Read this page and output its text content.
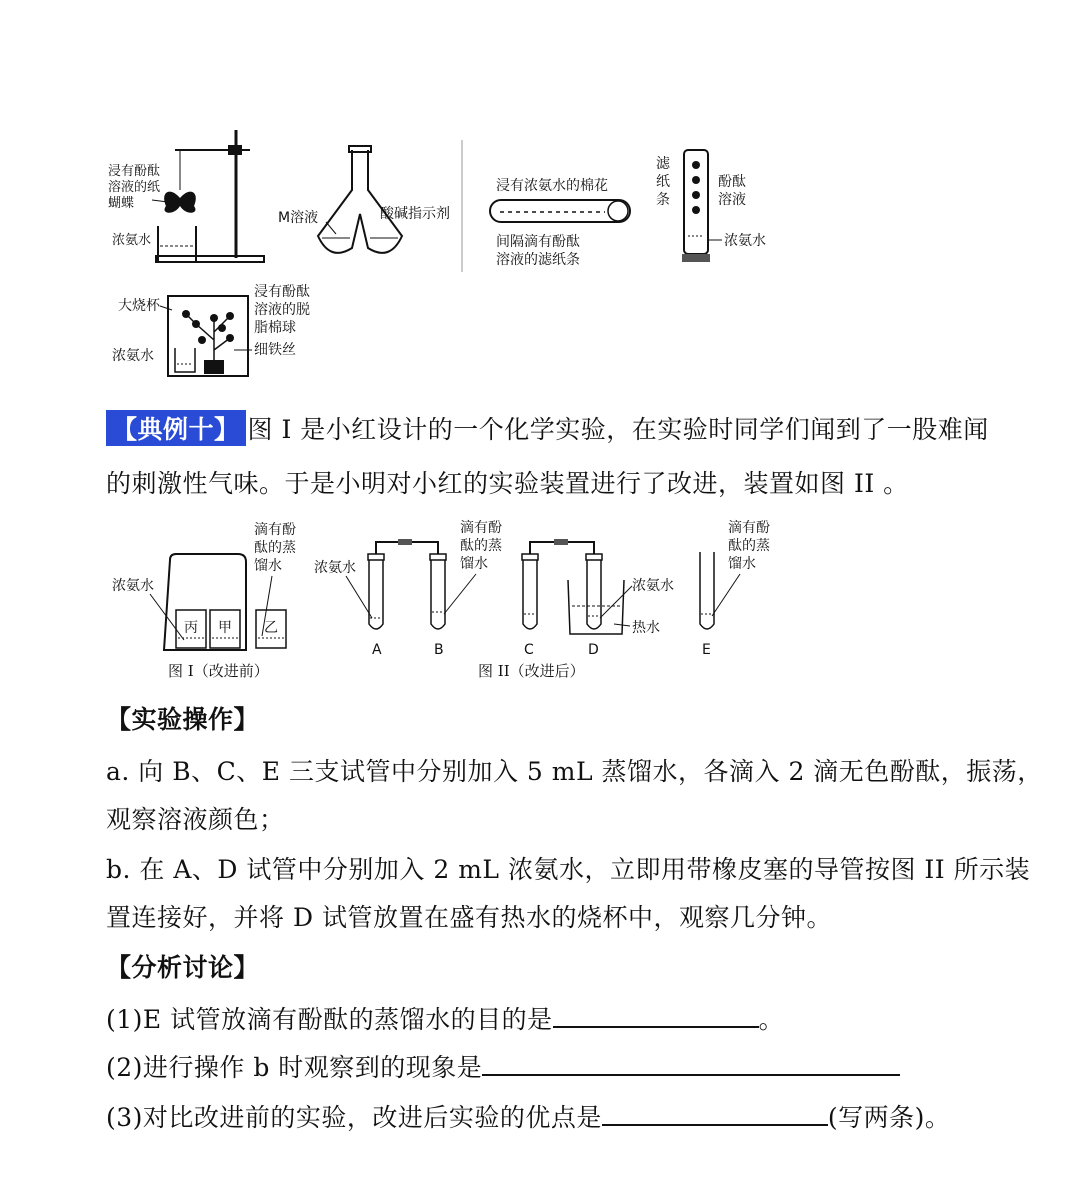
浸有酚酞
溶液的纸
蝴蝶
浓氨水
M溶液	酸碱指示剂
浸有浓氨水的棉花
间隔滴有酚酞
溶液的滤纸条
滤
纸
条
酚酞
溶液
浓氨水
大烧杯
浓氨水
浸有酚酞
溶液的脱
脂棉球
细铁丝
【典例十】 图 I 是小红设计的一个化学实验，在实验时同学们闻到了一股难闻
的刺激性气味。于是小明对小红的实验装置进行了改进，装置如图 II 。
丙 甲 乙
浓氨水
滴有酚
酞的蒸
馏水
图 I（改进前）
A	B
浓氨水
滴有酚
酞的蒸
馏水
C	D
浓氨水
热水
图 II（改进后）
滴有酚
酞的蒸
馏水
E
【实验操作】
a. 向 B、C、E 三支试管中分别加入 5 mL 蒸馏水，各滴入 2 滴无色酚酞，振荡，
观察溶液颜色；
b. 在 A、D 试管中分别加入 2 mL 浓氨水，立即用带橡皮塞的导管按图 II 所示装
置连接好，并将 D 试管放置在盛有热水的烧杯中，观察几分钟。
【分析讨论】
(1)E 试管放滴有酚酞的蒸馏水的目的是	。
(2)进行操作 b 时观察到的现象是
(3)对比改进前的实验，改进后实验的优点是	(写两条)。
